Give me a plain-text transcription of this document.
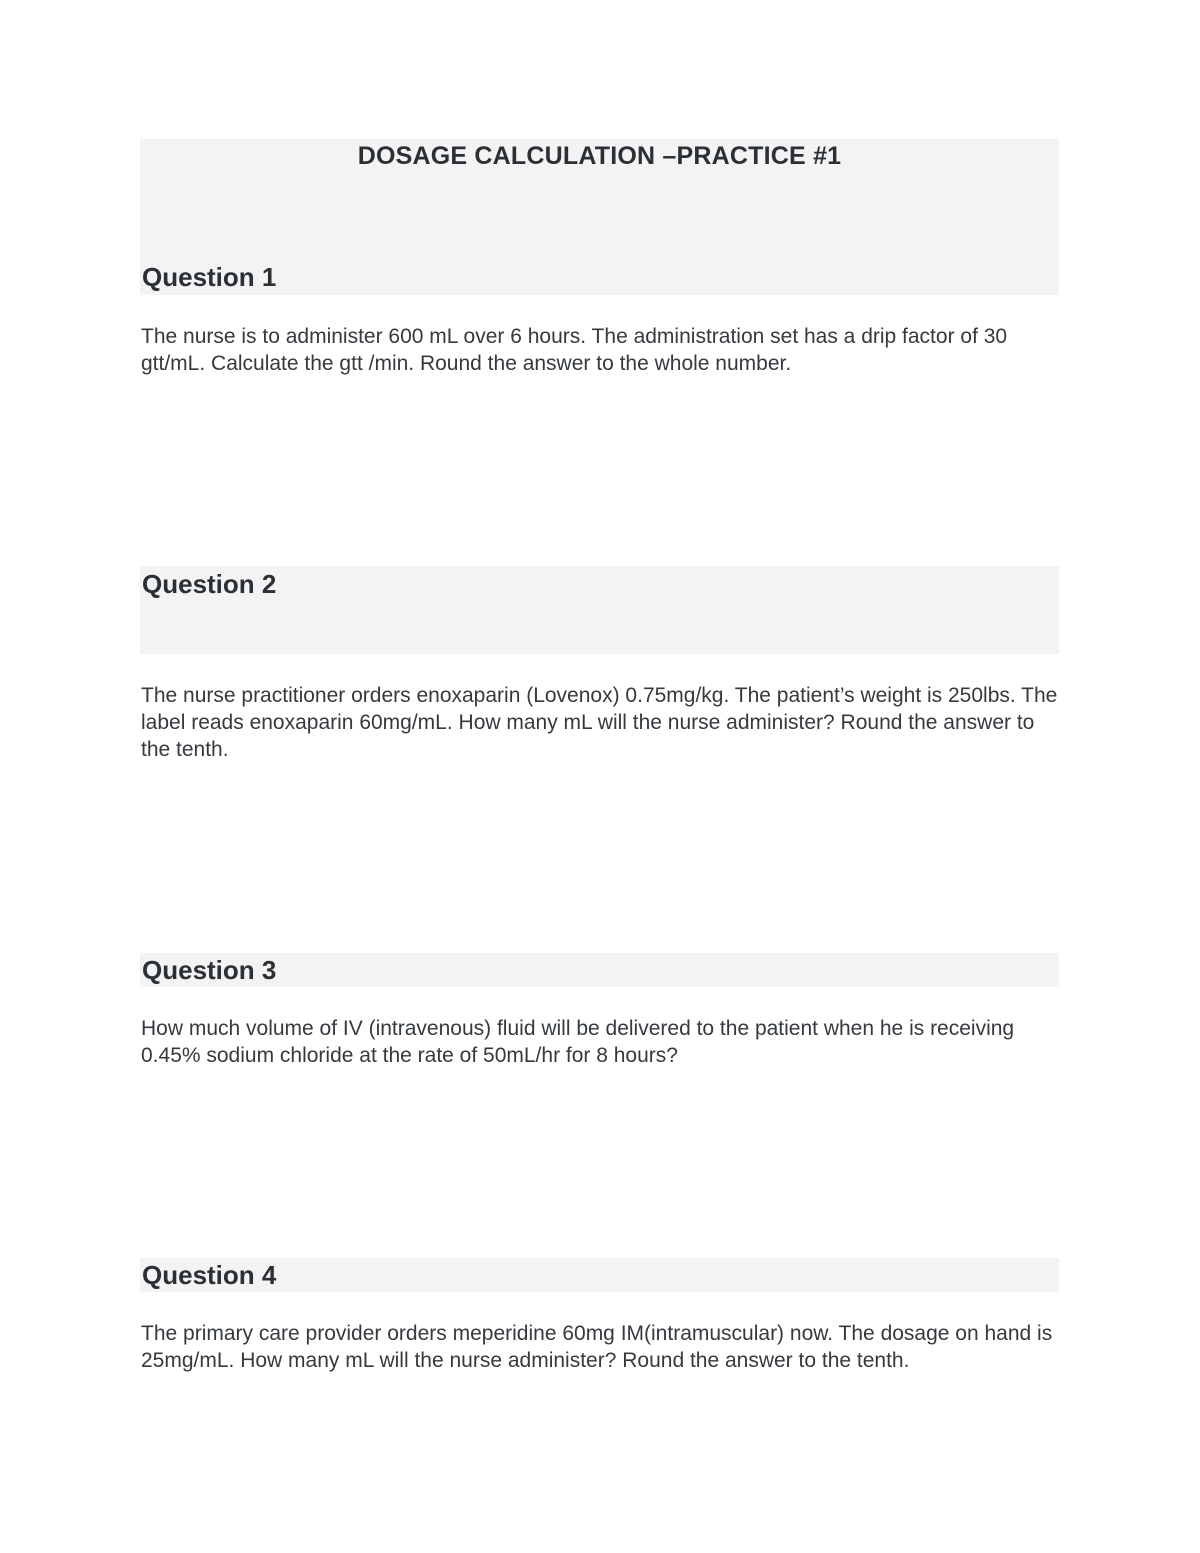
DOSAGE CALCULATION –PRACTICE #1
Question 1
The nurse is to administer 600 mL over 6 hours. The administration set has a drip factor of 30 gtt/mL. Calculate the gtt /min. Round the answer to the whole number.
Question 2
The nurse practitioner orders enoxaparin (Lovenox) 0.75mg/kg. The patient’s weight is 250lbs. The label reads enoxaparin 60mg/mL. How many mL will the nurse administer? Round the answer to the tenth.
Question 3
How much volume of IV (intravenous) fluid will be delivered to the patient when he is receiving 0.45% sodium chloride at the rate of 50mL/hr for 8 hours?
Question 4
The primary care provider orders meperidine 60mg IM(intramuscular) now. The dosage on hand is 25mg/mL. How many mL will the nurse administer? Round the answer to the tenth.
